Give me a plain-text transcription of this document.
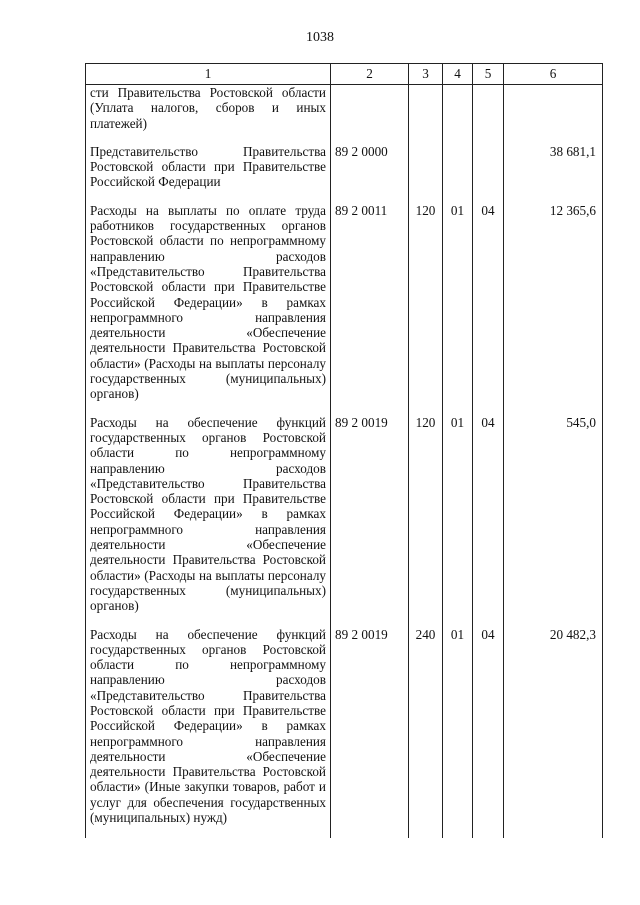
1038
1	2	3	4	5	6
сти Правительства Ростовской области (Уплата налогов, сборов и иных платежей)					
Представительство Правительства Ростовской области при Правительстве Российской Федерации	89 2 0000				38 681,1
Расходы на выплаты по оплате труда работников государственных органов Ростовской области по непрограммному направлению расходов «Представительство Правительства Ростовской области при Правительстве Российской Федерации» в рамках непрограммного направления деятельности «Обеспечение деятельности Правительства Ростовской области» (Расходы на выплаты персоналу государственных (муниципальных) органов)	89 2 0011	120	01	04	12 365,6
Расходы на обеспечение функций государственных органов Ростовской области по непрограммному направлению расходов «Представительство Правительства Ростовской области при Правительстве Российской Федерации» в рамках непрограммного направления деятельности «Обеспечение деятельности Правительства Ростовской области» (Расходы на выплаты персоналу государственных (муниципальных) органов)	89 2 0019	120	01	04	545,0
Расходы на обеспечение функций государственных органов Ростовской области по непрограммному направлению расходов «Представительство Правительства Ростовской области при Правительстве Российской Федерации» в рамках непрограммного направления деятельности «Обеспечение деятельности Правительства Ростовской области» (Иные закупки товаров, работ и услуг для обеспечения государственных (муниципальных) нужд)	89 2 0019	240	01	04	20 482,3
